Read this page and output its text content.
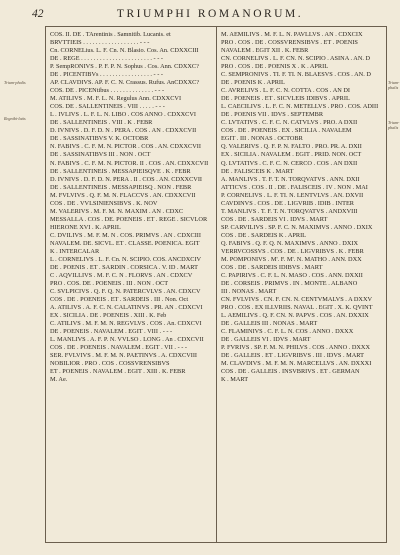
42	TRIUMPHI ROMANORUM.
Trium-phalis
Regnibi-latis
Trium-phalis
Trium-phalis
COS. II. DE . TArentinis . Samnitib. Lucanis. et
BRVTTIEIS . . . . . . . . . . . . . . . . . . - - -
Cn. CORNELius. L. F. Cn. N. Blasio. Cos. An. CDXXCIII
DE . REGE . . . . . . . . . . . . . . . . . . . . . . . - - -
P. SempRONIVS . P. F. P. N. Sophus . Cos. Ann. CDXXC?
DE . PICENTIBVs . . . . . . . . . . . . . . . . . - - -
AP. CLAVDIVS. AP. F. C. N. Crassus. Rufus. AnCDXXC?
COS. DE . PICENtibus . . . . . . . . . . . . . . - - -
M. ATILIVS . M. F. L. N. Regulus Ann. CDXXCVI
COS. DE . SALLENTINEIS . VIII . . . . . - - -
L . IVLIVS . L. F. L. N. LIBO . COS ANNO . CDXXCVI
DE . SALLENTINEIS . VIII . K . FEBR
D. IVNIVS . D. F. D. N . PERA . COS . AN . CDXXCVII
DE . SASSINATIBVS V. K. OCTOBR
N. FABIVS . C. F. M. N. PICTOR . COS . AN. CDXXCVII
DE . SASSINATIBVS III . NON . OCT
N. FABIVS . C. F. M. N. PICTOR. II . COS . AN. CDXXCVII
DE . SALLENTINEIS . MESSAPIEISQVE . K . FEBR
D. IVNIVS . D. F. D. N. PERA . II . COS . AN. CDXXCVII
DE . SALLENTINEIS . MESSAPIEISQ . NON . FEBR
M. FVLVIVS . Q. F. M. N. FLACCVS . AN. CDXXCVII
COS . DE . VVLSINIENSIBVS . K. NOV
M. VALERIVS . M. F. M. N. MAXIM . AN . CDXC
MESSALLA . COS . DE. POENEIS . ET . REGE . SICVLOR
HIERONE XVI . K. APRIL
C. DVILIVS . M. F. M. N . COS. PRIMVS . AN . CDXCIII
NAVALEM. DE. SICVL. ET . CLASSE. POENICA. EGIT
K . INTERCALAR
L . CORNELIVS . L. F. Cn. N. SCIPIO. COS. ANCDXCIV
DE . POENIS . ET . SARDIN . CORSICA . V. ID . MART
C . AQVILLIVS . M. F. C. N . FLORVS . AN . CDXCV
PRO . COS. DE . POENEIS . III . NON . OCT
C. SVLPICIVS . Q. F. Q. N. PATERCVLVS . AN. CDXCV
COS . DE . POENEIS . ET . SARDEIS . III . Non. Oct
A. ATILIVS . A. F. C. N. CALATINVS . PR. AN . CDXCVI
EX . SICILIA . DE . POENEIS . XIII . K. Feb
C. ATILIVS . M. F. M. N. REGVLVS . COS . An. CDXCVI
DE . POENEIS . NAVALEM . EGIT . VIII . - - -
L. MANLIVS . A. F. P. N. VVLSO . LONG . An . CDXCVII
COS . DE . POENEIS . NAVALEM . EGIT . VII . - - -
SER. FVLVIVS . M. F. M. N. PAETINVS . A. CDXCVIII
NOBILIOR . PRO . COS . COSSVRENSIBVS
ET . POENEIS . NAVALEM . EGIT . XIII . K. FEBR
M. Ae.
M. AEMILIVS . M. F. L. N. PAVLLVS . AN . CDXCIX
PRO . COS . DE . COSSVRENSIBVS . ET . POENIS
NAVALEM . EGIT XII . K. FEBR
CN. CORNELIVS . L. F. CN. N. SCIPIO . ASINA . AN. D
PRO . COS . DE . POENIS X . K . APRIL
C. SEMPRONIVS . TI. F. TI. N. BLAESVS . COS . AN. D
DE . POENIS K . APRIL
C. AVRELIVS . L. F. C. N. COTTA . COS . AN DI
DE . POENEIS . ET . SICVLEIS IDIBVS . APRIL
L. CAECILIVS . L. F. C. N. METELLVS . PRO . COS. ADIII
DE . POENIS VII . IDVS . SEPTEMBR
C. LVTATIVS . C. F. C. N. CATVLVS . PRO. A DXII
COS . DE . POENEIS . EX . SICILIA . NAVALEM
EGIT . III . NONAS . OCTOBR
Q. VALERIVS . Q. F. P. N. FALTO . PRO. PR. A. DXII
EX . SICILIA . NAVALEM . EGIT . PRID. NON. OCT
Q. LVTATIVS . C. F. C. N. CERCO . COS . AN DXII
DE . FALISCEIS K . MART
A. MANLIVS . T. F. T. N. TORQVATVS . ANN. DXII
ATTICVS . COS . II . DE . FALISCEIS . IV . NON . MAI
P. CORNELIVS . L. F. TI. N. LENTVLVS . AN. DXVII
CAVDINVS . COS . DE . LIGVRIB . IDIB . INTER
T. MANLIVS . T. F. T. N. TORQVATVS . ANDXVIII
COS . DE . SARDEIS VI . IDVS . MART
SP. CARVILIVS . SP. F. C. N. MAXIMVS . ANNO . DXIX
COS . DE . SARDEIS K . APRIL
Q. FABIVS . Q. F. Q. N. MAXIMVS . ANNO . DXIX
VERRVCOSSVS . COS . DE . LIGVRIBVS . K . FEBR
M. POMPONIVS . M'. F. M'. N. MATHO . ANN. DXX
COS . DE . SARDEIS IDIBVS . MART
C. PAPIRIVS . C. F. L. N. MASO . COS . ANN. DXXII
DE . CORSEIS . PRIMVS . IN . MONTE . ALBANO
III . NONAS . MART
CN. FVLVIVS . CN. F. CN. N. CENTVMALVS . A DXXV
PRO . COS . EX ILLVRIIS. NAVAL . EGIT . X. K. QVINT
L. AEMILIVS . Q. F. CN. N. PAPVS . COS . AN. DXXIX
DE . GALLEIS III . NONAS . MART
C. FLAMINIVS . C. F. L. N. COS . ANNO . DXXX
DE . GALLEIS VI . IDVS . MART
P. FVRIVS . SP. F. M. N. PHILVS . COS . ANNO . DXXX
DE . GALLEIS . ET . LIGVRIBVS . III . IDVS . MART
M. CLAVDIVS . M. F. M. N. MARCELLVS . AN. DXXXI
COS . DE . GALLEIS . INSVBRIVS . ET . GERMAN
K . MART
